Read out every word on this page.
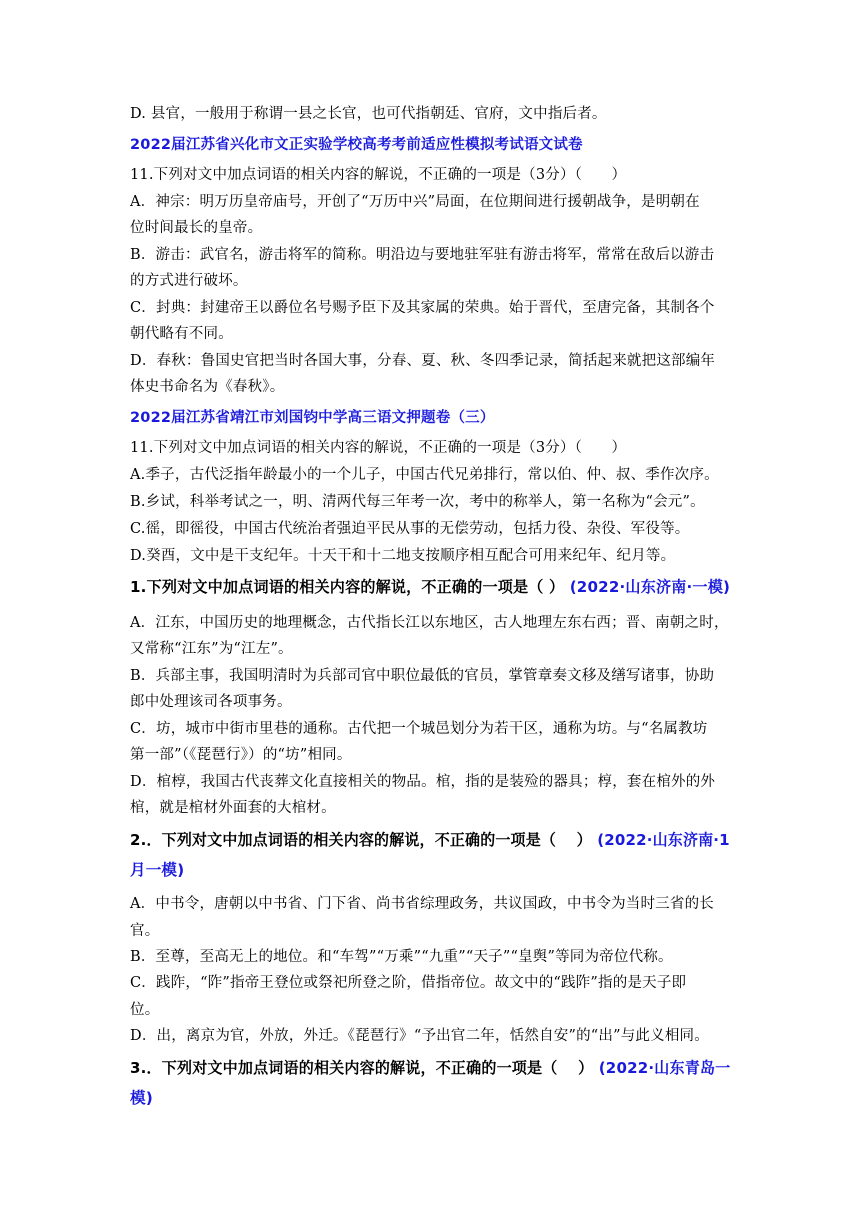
D. 县官，一般用于称谓一县之长官，也可代指朝廷、官府，文中指后者。
2022届江苏省兴化市文正实验学校高考考前适应性模拟考试语文试卷
11.下列对文中加点词语的相关内容的解说，不正确的一项是（3分）（　　）
A．神宗：明万历皇帝庙号，开创了“万历中兴”局面，在位期间进行援朝战争，是明朝在
位时间最长的皇帝。
B．游击：武官名，游击将军的简称。明沿边与要地驻军驻有游击将军，常常在敌后以游击
的方式进行破坏。
C．封典：封建帝王以爵位名号赐予臣下及其家属的荣典。始于晋代，至唐完备，其制各个
朝代略有不同。
D．春秋：鲁国史官把当时各国大事，分春、夏、秋、冬四季记录，简括起来就把这部编年
体史书命名为《春秋》。
2022届江苏省靖江市刘国钧中学高三语文押题卷（三）
11.下列对文中加点词语的相关内容的解说，不正确的一项是（3分）（　　）
A.季子，古代泛指年龄最小的一个儿子，中国古代兄弟排行，常以伯、仲、叔、季作次序。
B.乡试，科举考试之一，明、清两代每三年考一次，考中的称举人，第一名称为“会元”。
C.徭，即徭役，中国古代统治者强迫平民从事的无偿劳动，包括力役、杂役、军役等。
D.癸酉，文中是干支纪年。十天干和十二地支按顺序相互配合可用来纪年、纪月等。
1.下列对文中加点词语的相关内容的解说，不正确的一项是（ ） (2022·山东济南·一模)
A．江东，中国历史的地理概念，古代指长江以东地区，古人地理左东右西；晋、南朝之时，
又常称“江东”为“江左”。
B．兵部主事，我国明清时为兵部司官中职位最低的官员，掌管章奏文移及缮写诸事，协助
郎中处理该司各项事务。
C．坊，城市中街市里巷的通称。古代把一个城邑划分为若干区，通称为坊。与“名属教坊
第一部”（《琵琶行》）的“坊”相同。
D．棺椁，我国古代丧葬文化直接相关的物品。棺，指的是装殓的器具；椁，套在棺外的外
棺，就是棺材外面套的大棺材。
2.．下列对文中加点词语的相关内容的解说，不正确的一项是（　 ） (2022·山东济南·1
月一模)
A．中书令，唐朝以中书省、门下省、尚书省综理政务，共议国政，中书令为当时三省的长
官。
B．至尊，至高无上的地位。和“车驾”“万乘”“九重”“天子”“皇舆”等同为帝位代称。
C．践阼，“阼”指帝王登位或祭祀所登之阶，借指帝位。故文中的“践阼”指的是天子即
位。
D．出，离京为官，外放，外迁。《琵琶行》“予出官二年，恬然自安”的“出”与此义相同。
3.．下列对文中加点词语的相关内容的解说，不正确的一项是（　 ） (2022·山东青岛一
模)
